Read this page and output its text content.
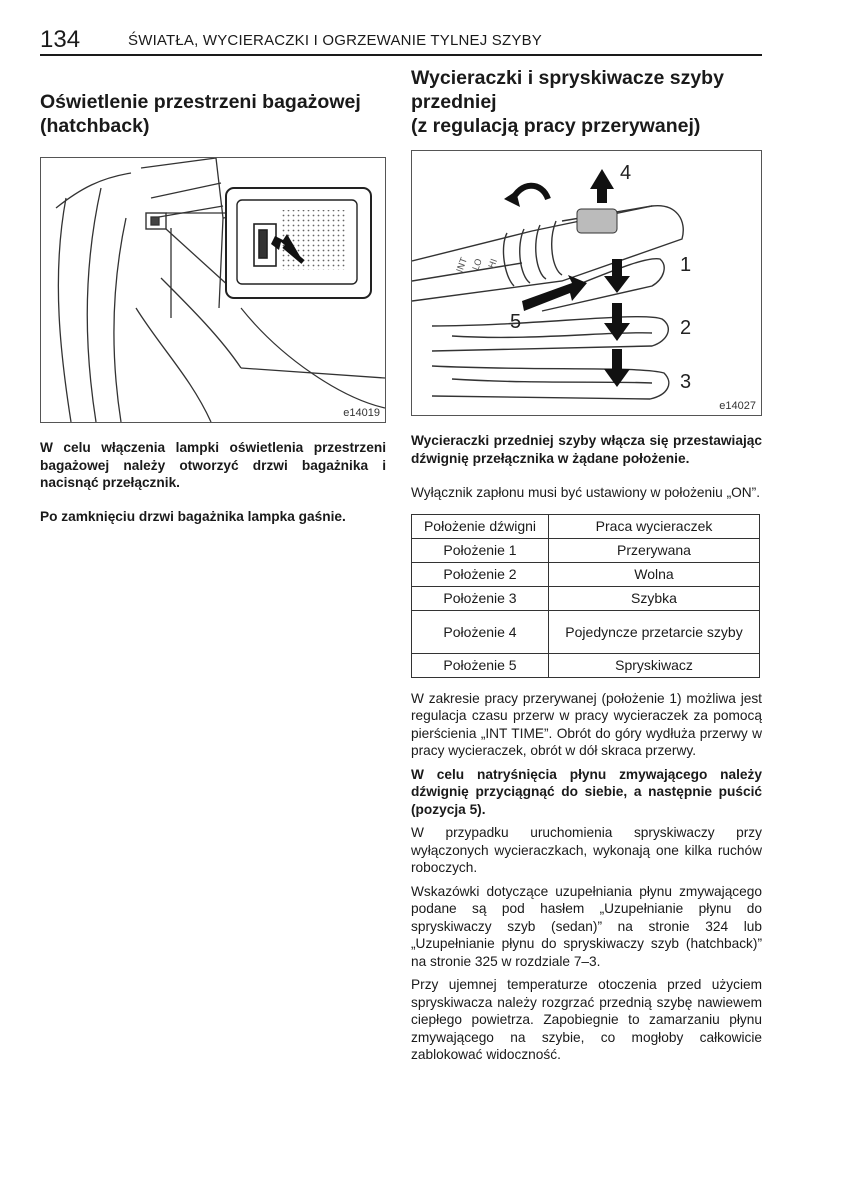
134	ŚWIATŁA, WYCIERACZKI I OGRZEWANIE TYLNEJ SZYBY
Oświetlenie przestrzeni bagażowej
(hatchback)
e14019

W celu włączenia lampki oświetlenia przestrzeni bagażowej należy otworzyć drzwi bagażnika i nacisnąć przełącznik.

Po zamknięciu drzwi bagażnika lampka gaśnie.

Wycieraczki i spryskiwacze szyby
przedniej
(z regulacją pracy przerywanej)
INT LO HI	1
2
3
4
5
e14027

Wycieraczki przedniej szyby włącza się przestawiając dźwignię przełącznika w żądane położenie.

Wyłącznik zapłonu musi być ustawiony w położeniu „ON”.

Położenie dźwigni	Praca wycieraczek
Położenie 1	Przerywana
Położenie 2	Wolna
Położenie 3	Szybka
Położenie 4	Pojedyncze przetarcie szyby
Położenie 5	Spryskiwacz

W zakresie pracy przerywanej (położenie 1) możliwa jest regulacja czasu przerw w pracy wycieraczek za pomocą pierścienia „INT TIME”. Obrót do góry wydłuża przerwy w pracy wycieraczek, obrót w dół skraca przerwy.

W celu natryśnięcia płynu zmywającego należy dźwignię przyciągnąć do siebie, a następnie puścić (pozycja 5).

W przypadku uruchomienia spryskiwaczy przy wyłączonych wycieraczkach, wykonają one kilka ruchów roboczych.

Wskazówki dotyczące uzupełniania płynu zmywającego podane są pod hasłem „Uzupełnianie płynu do spryskiwaczy szyb (sedan)” na stronie 324 lub „Uzupełnianie płynu do spryskiwaczy szyb (hatchback)” na stronie 325 w rozdziale 7–3.

Przy ujemnej temperaturze otoczenia przed użyciem spryskiwacza należy rozgrzać przednią szybę nawiewem ciepłego powietrza. Zapobiegnie to zamarzaniu płynu zmywającego na szybie, co mogłoby całkowicie zablokować widoczność.
